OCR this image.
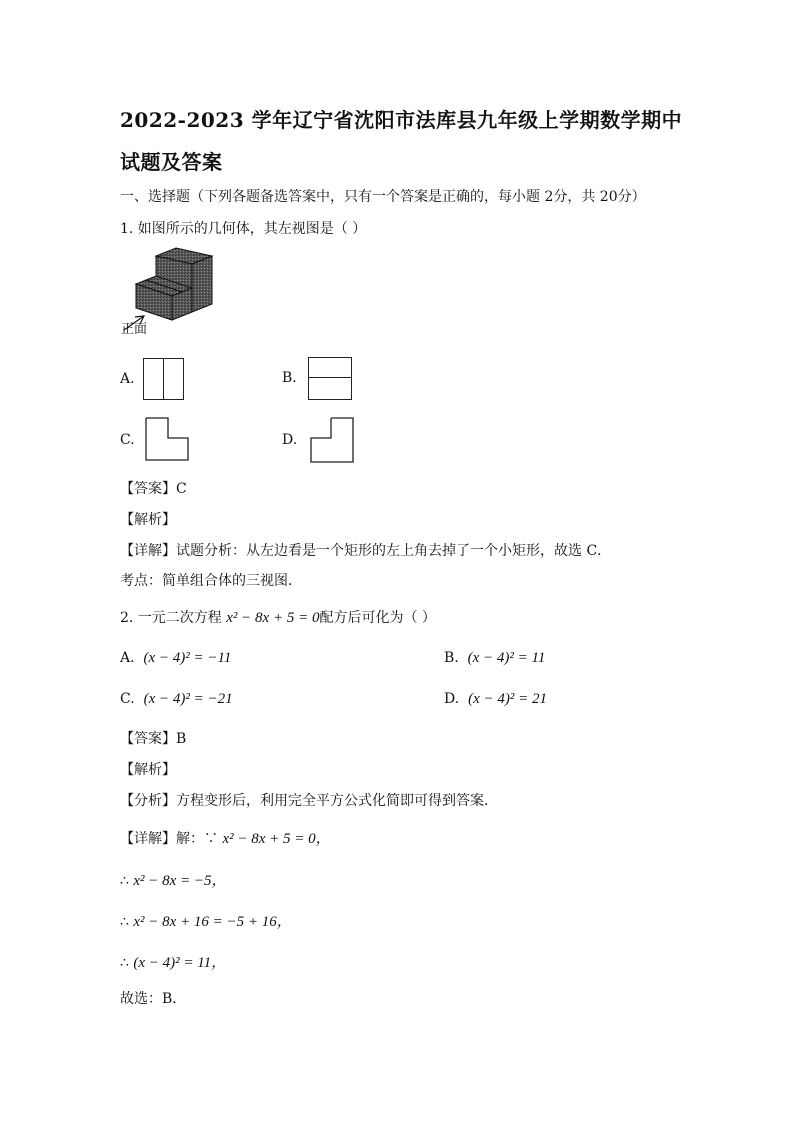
2022-2023 学年辽宁省沈阳市法库县九年级上学期数学期中
试题及答案
一、选择题（下列各题备选答案中，只有一个答案是正确的，每小题 2分，共 20分）
1. 如图所示的几何体，其左视图是（ ）
正面
A.	B.
C.	D.
【答案】C
【解析】
【详解】试题分析：从左边看是一个矩形的左上角去掉了一个小矩形，故选 C．
考点：简单组合体的三视图．
2. 一元二次方程 x² − 8x + 5 = 0配方后可化为（ ）
A. (x − 4)² = −11	B. (x − 4)² = 11
C. (x − 4)² = −21	D. (x − 4)² = 21
【答案】B
【解析】
【分析】方程变形后，利用完全平方公式化简即可得到答案．
【详解】解：∵ x² − 8x + 5 = 0，
∴ x² − 8x = −5，
∴ x² − 8x + 16 = −5 + 16，
∴ (x − 4)² = 11，
故选：B．
